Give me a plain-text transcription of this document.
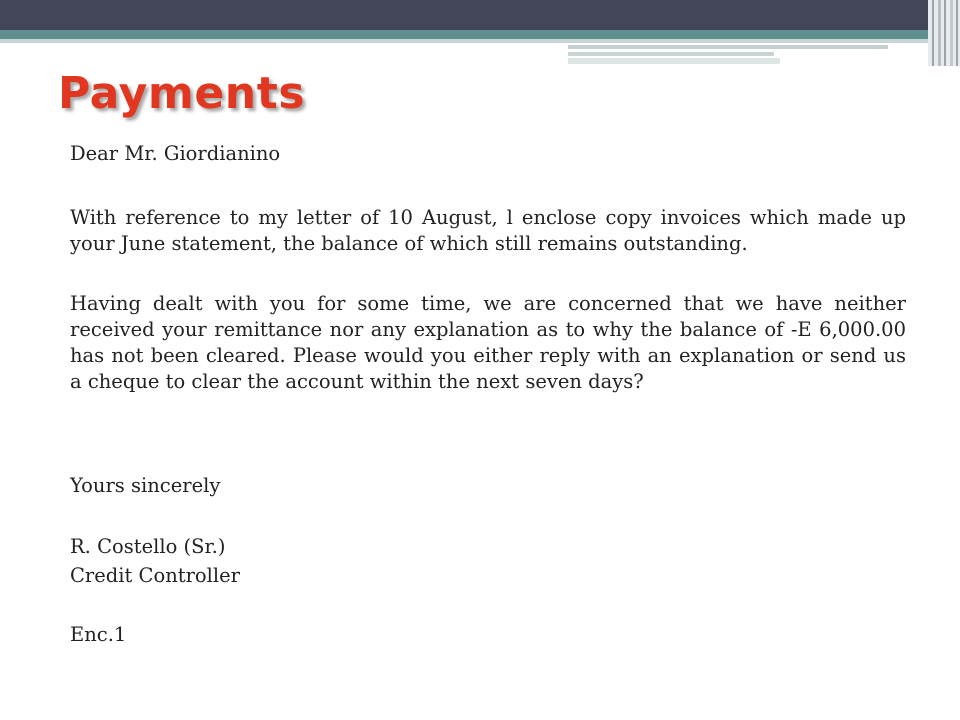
Payments

Dear Mr. Giordianino

With reference to my letter of 10 August, l enclose copy invoices which made up your June statement, the balance of which still remains outstanding.

Having dealt with you for some time, we are concerned that we have neither received your remittance nor any explanation as to why the balance of -E 6,000.00 has not been cleared. Please would you either reply with an explanation or send us a cheque to clear the account within the next seven days?

Yours sincerely

R. Costello (Sr.)

Credit Controller

Enc.1
